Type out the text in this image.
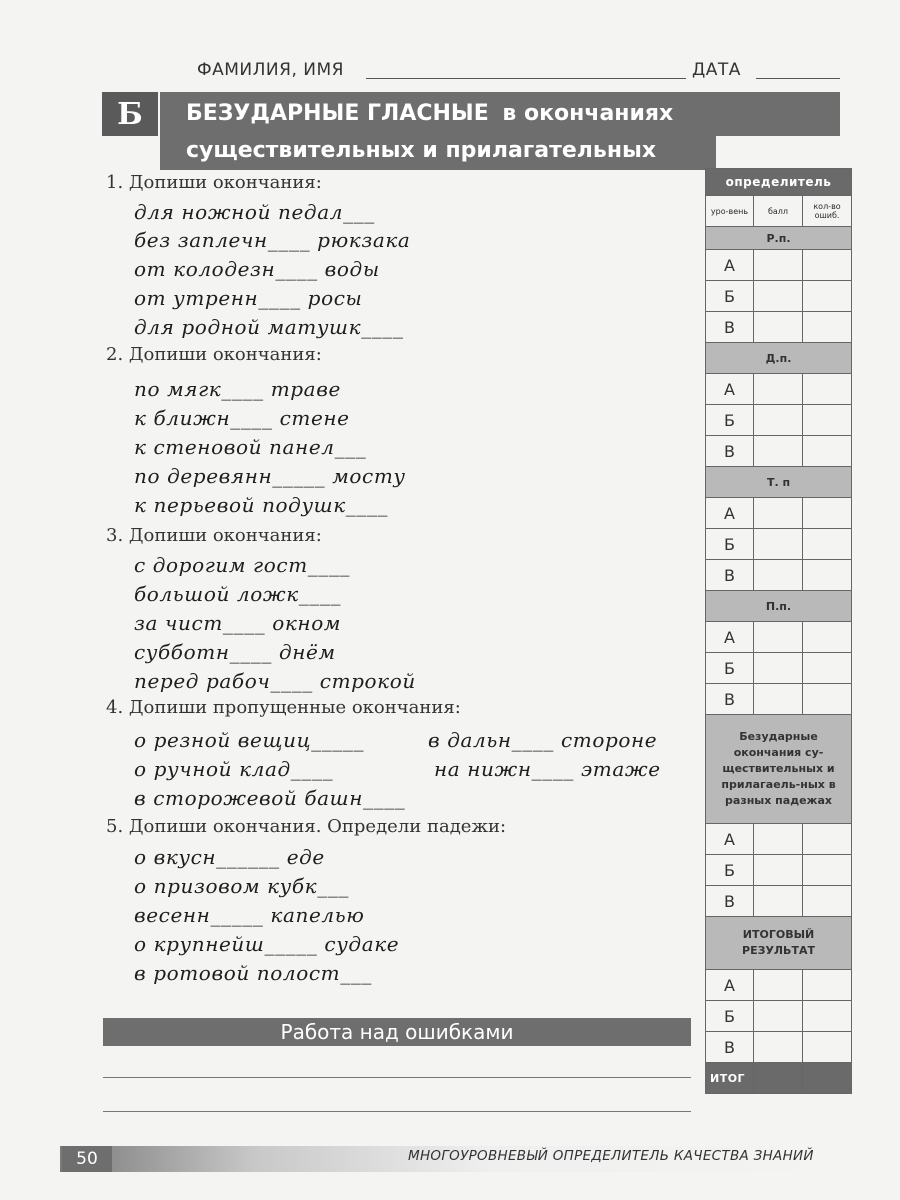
ФАМИЛИЯ, ИМЯ	ДАТА
Б	БЕЗУДАРНЫЕ ГЛАСНЫЕ в окончаниях
существительных и прилагательных
1. Допиши окончания:
для ножной педал___
без заплечн____ рюкзака
от колодезн____ воды
от утренн____ росы
для родной матушк____
2. Допиши окончания:
по мягк____ траве
к ближн____ стене
к стеновой панел___
по деревянн_____ мосту
к перьевой подушк____
3. Допиши окончания:
с дорогим гост____
большой ложк____
за чист____ окном
субботн____ днём
перед рабоч____ строкой
4. Допиши пропущенные окончания:
о резной вещиц_____	в дальн____ стороне
о ручной клад____	на нижн____ этаже
в сторожевой башн____
5. Допиши окончания. Определи падежи:
о вкусн______ еде
о призовом кубк___
весенн_____ капелью
о крупнейш_____ судаке
в ротовой полост___
определитель		
уро-вень	балл	кол-во ошиб.
Р.п.		
А		
Б		
В		
Д.п.		
А		
Б		
В		
Т. п		
А		
Б		
В		
П.п.		
А		
Б		
В		
Безударные окончания су-ществительных и прилагаель-ных в разных падежах		
А		
Б		
В		
ИТОГОВЫЙ РЕЗУЛЬТАТ		
А		
Б		
В		
ИТОГ		
Работа над ошибками
50	МНОГОУРОВНЕВЫЙ ОПРЕДЕЛИТЕЛЬ КАЧЕСТВА ЗНАНИЙ
